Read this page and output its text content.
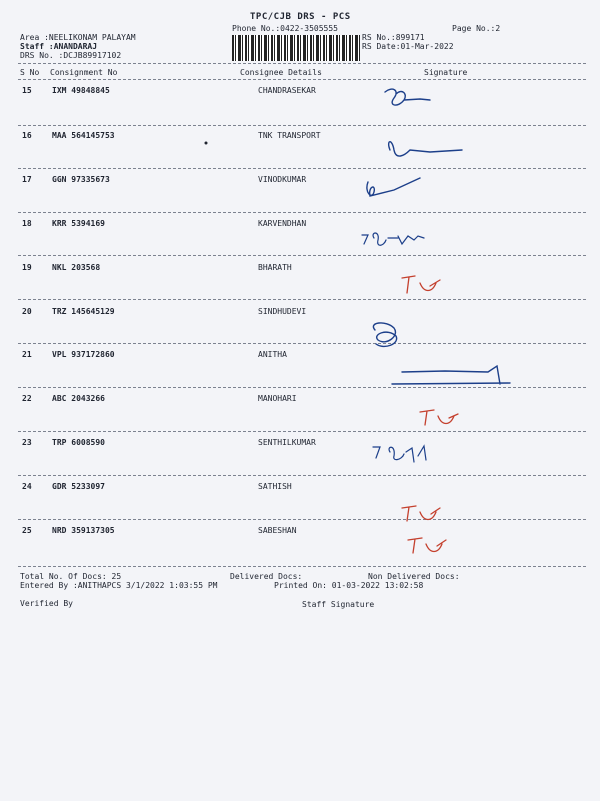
TPC/CJB DRS - PCS
Phone No.:0422-3505555	Page No.:2
Area :NEELIKONAM PALAYAM
Staff :ANANDARAJ
DRS No. :DCJB89917102
RS No.:899171
RS Date:01-Mar-2022
S No Consignment No	Consignee Details	Signature
15	IXM 49848845	CHANDRASEKAR
16	MAA 564145753	TNK TRANSPORT
17	GGN 97335673	VINODKUMAR
18	KRR 5394169	KARVENDHAN
19	NKL 203568	BHARATH
20	TRZ 145645129	SINDHUDEVI
21	VPL 937172860	ANITHA
22	ABC 2043266	MANOHARI
23	TRP 6008590	SENTHILKUMAR
24	GDR 5233097	SATHISH
25	NRD 359137305	SABESHAN
Total No. Of Docs: 25	Delivered Docs:	Non Delivered Docs:
Entered By :ANITHAPCS 3/1/2022 1:03:55 PM	Printed On: 01-03-2022 13:02:58
Verified By	Staff Signature
